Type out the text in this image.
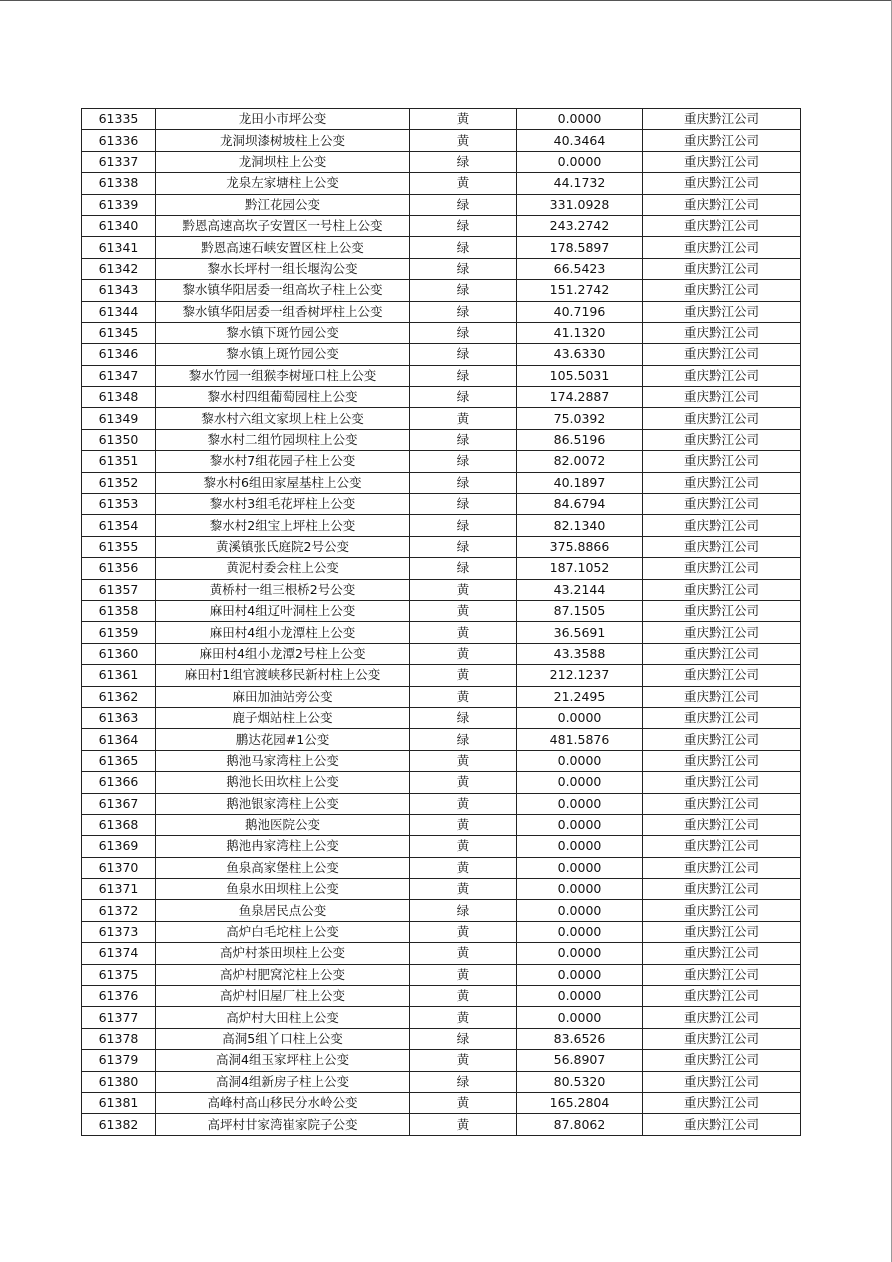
61335	龙田小市坪公变	黄	0.0000	重庆黔江公司
61336	龙洞坝漆树坡柱上公变	黄	40.3464	重庆黔江公司
61337	龙洞坝柱上公变	绿	0.0000	重庆黔江公司
61338	龙泉左家塘柱上公变	黄	44.1732	重庆黔江公司
61339	黔江花园公变	绿	331.0928	重庆黔江公司
61340	黔恩高速高坎子安置区一号柱上公变	绿	243.2742	重庆黔江公司
61341	黔恩高速石峡安置区柱上公变	绿	178.5897	重庆黔江公司
61342	黎水长坪村一组长堰沟公变	绿	66.5423	重庆黔江公司
61343	黎水镇华阳居委一组高坎子柱上公变	绿	151.2742	重庆黔江公司
61344	黎水镇华阳居委一组香树坪柱上公变	绿	40.7196	重庆黔江公司
61345	黎水镇下斑竹园公变	绿	41.1320	重庆黔江公司
61346	黎水镇上斑竹园公变	绿	43.6330	重庆黔江公司
61347	黎水竹园一组猴李树垭口柱上公变	绿	105.5031	重庆黔江公司
61348	黎水村四组葡萄园柱上公变	绿	174.2887	重庆黔江公司
61349	黎水村六组文家坝上柱上公变	黄	75.0392	重庆黔江公司
61350	黎水村二组竹园坝柱上公变	绿	86.5196	重庆黔江公司
61351	黎水村7组花园子柱上公变	绿	82.0072	重庆黔江公司
61352	黎水村6组田家屋基柱上公变	绿	40.1897	重庆黔江公司
61353	黎水村3组毛花坪柱上公变	绿	84.6794	重庆黔江公司
61354	黎水村2组宝上坪柱上公变	绿	82.1340	重庆黔江公司
61355	黄溪镇张氏庭院2号公变	绿	375.8866	重庆黔江公司
61356	黄泥村委会柱上公变	绿	187.1052	重庆黔江公司
61357	黄桥村一组三根桥2号公变	黄	43.2144	重庆黔江公司
61358	麻田村4组辽叶洞柱上公变	黄	87.1505	重庆黔江公司
61359	麻田村4组小龙潭柱上公变	黄	36.5691	重庆黔江公司
61360	麻田村4组小龙潭2号柱上公变	黄	43.3588	重庆黔江公司
61361	麻田村1组官渡峡移民新村柱上公变	黄	212.1237	重庆黔江公司
61362	麻田加油站旁公变	黄	21.2495	重庆黔江公司
61363	鹿子烟站柱上公变	绿	0.0000	重庆黔江公司
61364	鹏达花园#1公变	绿	481.5876	重庆黔江公司
61365	鹅池马家湾柱上公变	黄	0.0000	重庆黔江公司
61366	鹅池长田坎柱上公变	黄	0.0000	重庆黔江公司
61367	鹅池银家湾柱上公变	黄	0.0000	重庆黔江公司
61368	鹅池医院公变	黄	0.0000	重庆黔江公司
61369	鹅池冉家湾柱上公变	黄	0.0000	重庆黔江公司
61370	鱼泉高家堡柱上公变	黄	0.0000	重庆黔江公司
61371	鱼泉水田坝柱上公变	黄	0.0000	重庆黔江公司
61372	鱼泉居民点公变	绿	0.0000	重庆黔江公司
61373	高炉白毛坨柱上公变	黄	0.0000	重庆黔江公司
61374	高炉村茶田坝柱上公变	黄	0.0000	重庆黔江公司
61375	高炉村肥窝沱柱上公变	黄	0.0000	重庆黔江公司
61376	高炉村旧屋厂柱上公变	黄	0.0000	重庆黔江公司
61377	高炉村大田柱上公变	黄	0.0000	重庆黔江公司
61378	高洞5组丫口柱上公变	绿	83.6526	重庆黔江公司
61379	高洞4组玉家坪柱上公变	黄	56.8907	重庆黔江公司
61380	高洞4组新房子柱上公变	绿	80.5320	重庆黔江公司
61381	高峰村高山移民分水岭公变	黄	165.2804	重庆黔江公司
61382	高坪村甘家湾崔家院子公变	黄	87.8062	重庆黔江公司
